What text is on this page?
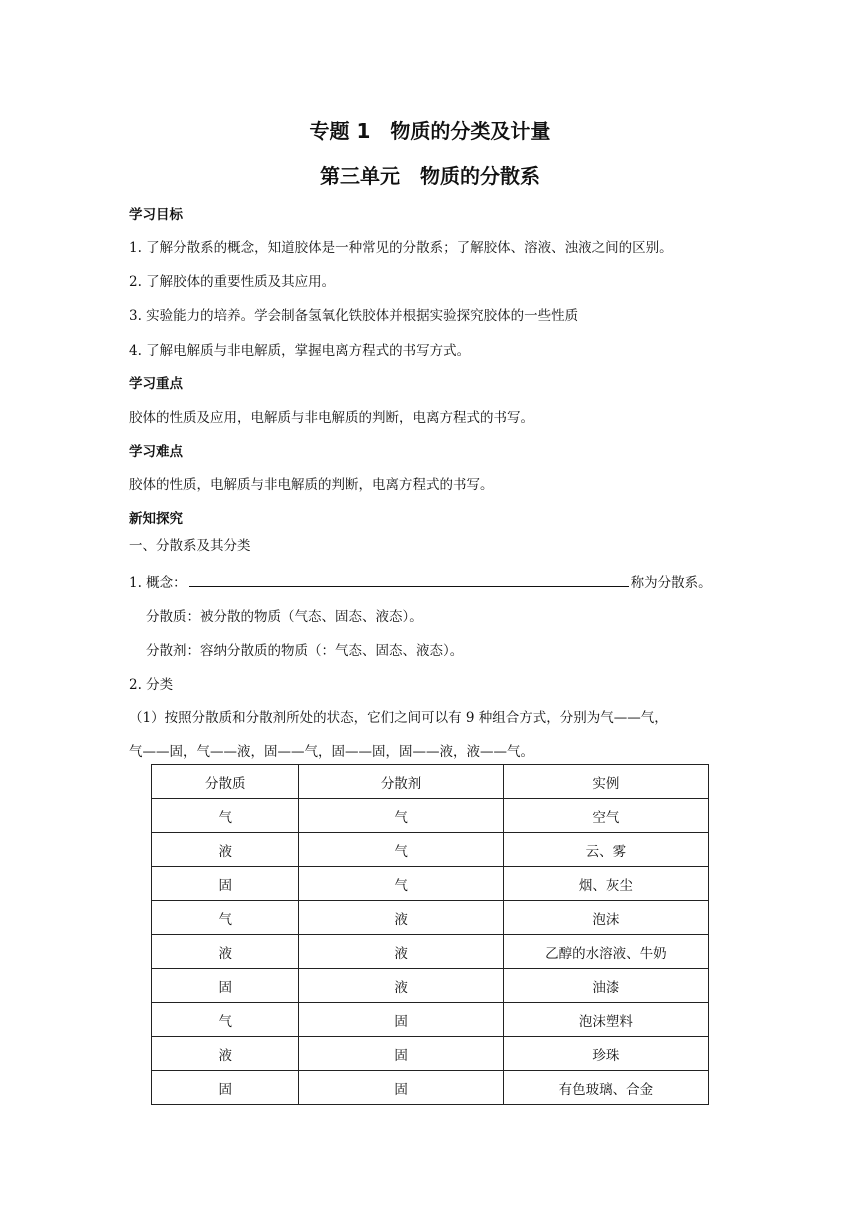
专题 1　物质的分类及计量
第三单元　物质的分散系
学习目标
1. 了解分散系的概念，知道胶体是一种常见的分散系；了解胶体、溶液、浊液之间的区别。
2. 了解胶体的重要性质及其应用。
3. 实验能力的培养。学会制备氢氧化铁胶体并根据实验探究胶体的一些性质
4. 了解电解质与非电解质，掌握电离方程式的书写方式。
学习重点
胶体的性质及应用，电解质与非电解质的判断，电离方程式的书写。
学习难点
胶体的性质，电解质与非电解质的判断，电离方程式的书写。
新知探究
一、分散系及其分类
1. 概念：	称为分散系。
分散质：被分散的物质（气态、固态、液态）。
分散剂：容纳分散质的物质（：气态、固态、液态）。
2. 分类
（1）按照分散质和分散剂所处的状态，它们之间可以有 9 种组合方式，分别为气——气，
气——固，气——液，固——气，固——固，固——液，液——气。
分散质	分散剂	实例
气	气	空气
液	气	云、雾
固	气	烟、灰尘
气	液	泡沫
液	液	乙醇的水溶液、牛奶
固	液	油漆
气	固	泡沫塑料
液	固	珍珠
固	固	有色玻璃、合金
